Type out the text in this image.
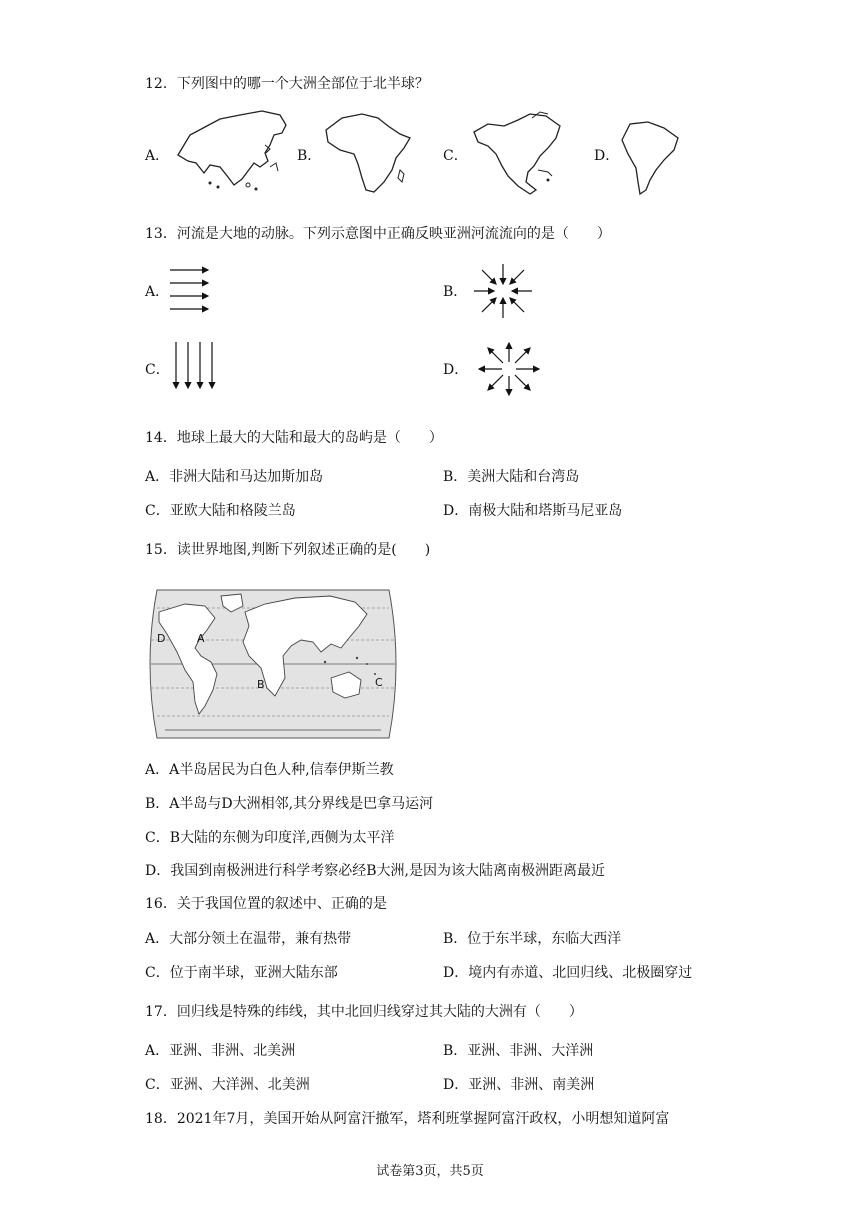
12．下列图中的哪一个大洲全部位于北半球？
A．	B．	C．	D．
13．河流是大地的动脉。下列示意图中正确反映亚洲河流流向的是（　　）
A．	B．
C．	D．
14．地球上最大的大陆和最大的岛屿是（　　）
A．非洲大陆和马达加斯加岛	B．美洲大陆和台湾岛
C．亚欧大陆和格陵兰岛	D．南极大陆和塔斯马尼亚岛
15．读世界地图,判断下列叙述正确的是(　　)
D	A
B	C
A．A半岛居民为白色人种,信奉伊斯兰教
B．A半岛与D大洲相邻,其分界线是巴拿马运河
C．B大陆的东侧为印度洋,西侧为太平洋
D．我国到南极洲进行科学考察必经B大洲,是因为该大陆离南极洲距离最近
16．关于我国位置的叙述中、正确的是
A．大部分领土在温带，兼有热带	B．位于东半球，东临大西洋
C．位于南半球，亚洲大陆东部	D．境内有赤道、北回归线、北极圈穿过
17．回归线是特殊的纬线，其中北回归线穿过其大陆的大洲有（　　）
A．亚洲、非洲、北美洲	B．亚洲、非洲、大洋洲
C．亚洲、大洋洲、北美洲	D．亚洲、非洲、南美洲
18．2021年7月，美国开始从阿富汗撤军，塔利班掌握阿富汗政权，小明想知道阿富
试卷第3页，共5页
